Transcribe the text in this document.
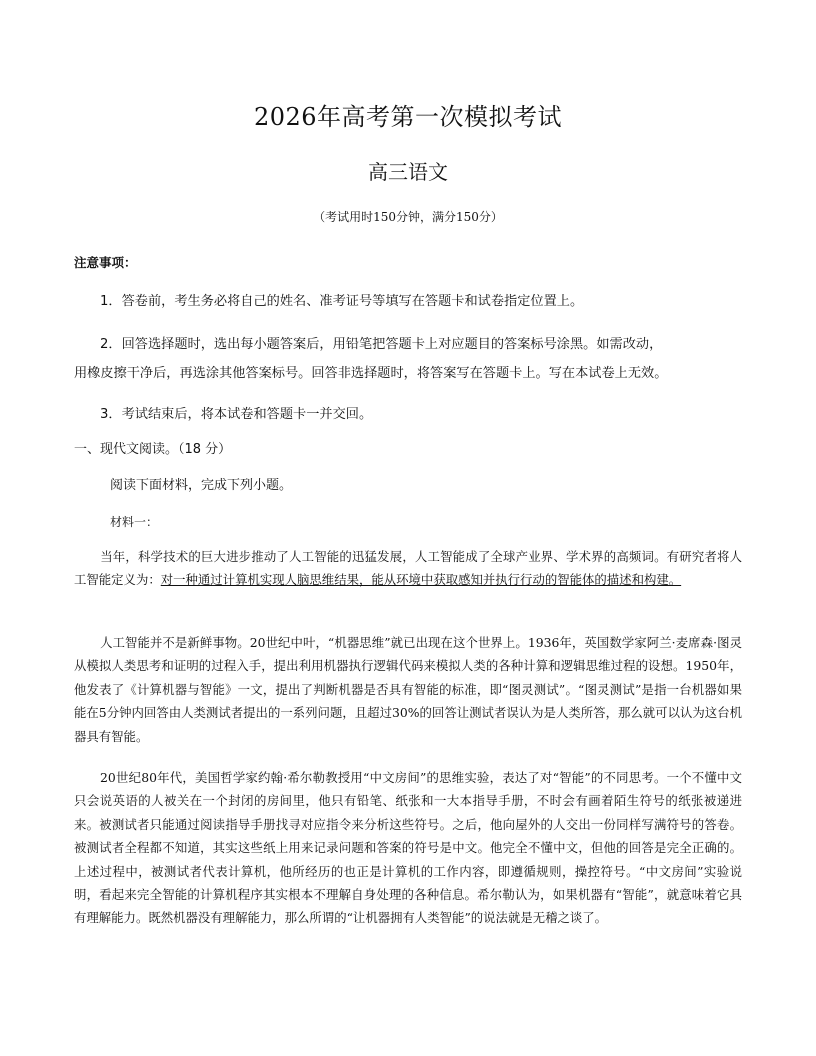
2026年高考第一次模拟考试
高三语文
（考试用时150分钟，满分150分）
注意事项：
1．答卷前，考生务必将自己的姓名、准考证号等填写在答题卡和试卷指定位置上。
2．回答选择题时，选出每小题答案后，用铅笔把答题卡上对应题目的答案标号涂黑。如需改动，
用橡皮擦干净后，再选涂其他答案标号。回答非选择题时，将答案写在答题卡上。写在本试卷上无效。
3．考试结束后，将本试卷和答题卡一并交回。
一、现代文阅读。（18 分）
阅读下面材料，完成下列小题。
材料一：
当年，科学技术的巨大进步推动了人工智能的迅猛发展，人工智能成了全球产业界、学术界的高频词。有研究者将人工智能定义为：对一种通过计算机实现人脑思维结果，能从环境中获取感知并执行行动的智能体的描述和构建。
人工智能并不是新鲜事物。20世纪中叶，“机器思维”就已出现在这个世界上。1936年，英国数学家阿兰·麦席森·图灵从模拟人类思考和证明的过程入手，提出利用机器执行逻辑代码来模拟人类的各种计算和逻辑思维过程的设想。1950年，他发表了《计算机器与智能》一文，提出了判断机器是否具有智能的标准，即“图灵测试”。“图灵测试”是指一台机器如果能在5分钟内回答由人类测试者提出的一系列问题，且超过30%的回答让测试者误认为是人类所答，那么就可以认为这台机器具有智能。
20世纪80年代，美国哲学家约翰·希尔勒教授用“中文房间”的思维实验，表达了对“智能”的不同思考。一个不懂中文只会说英语的人被关在一个封闭的房间里，他只有铅笔、纸张和一大本指导手册，不时会有画着陌生符号的纸张被递进来。被测试者只能通过阅读指导手册找寻对应指令来分析这些符号。之后，他向屋外的人交出一份同样写满符号的答卷。被测试者全程都不知道，其实这些纸上用来记录问题和答案的符号是中文。他完全不懂中文，但他的回答是完全正确的。上述过程中，被测试者代表计算机，他所经历的也正是计算机的工作内容，即遵循规则，操控符号。“中文房间”实验说明，看起来完全智能的计算机程序其实根本不理解自身处理的各种信息。希尔勒认为，如果机器有“智能”，就意味着它具有理解能力。既然机器没有理解能力，那么所谓的“让机器拥有人类智能”的说法就是无稽之谈了。
